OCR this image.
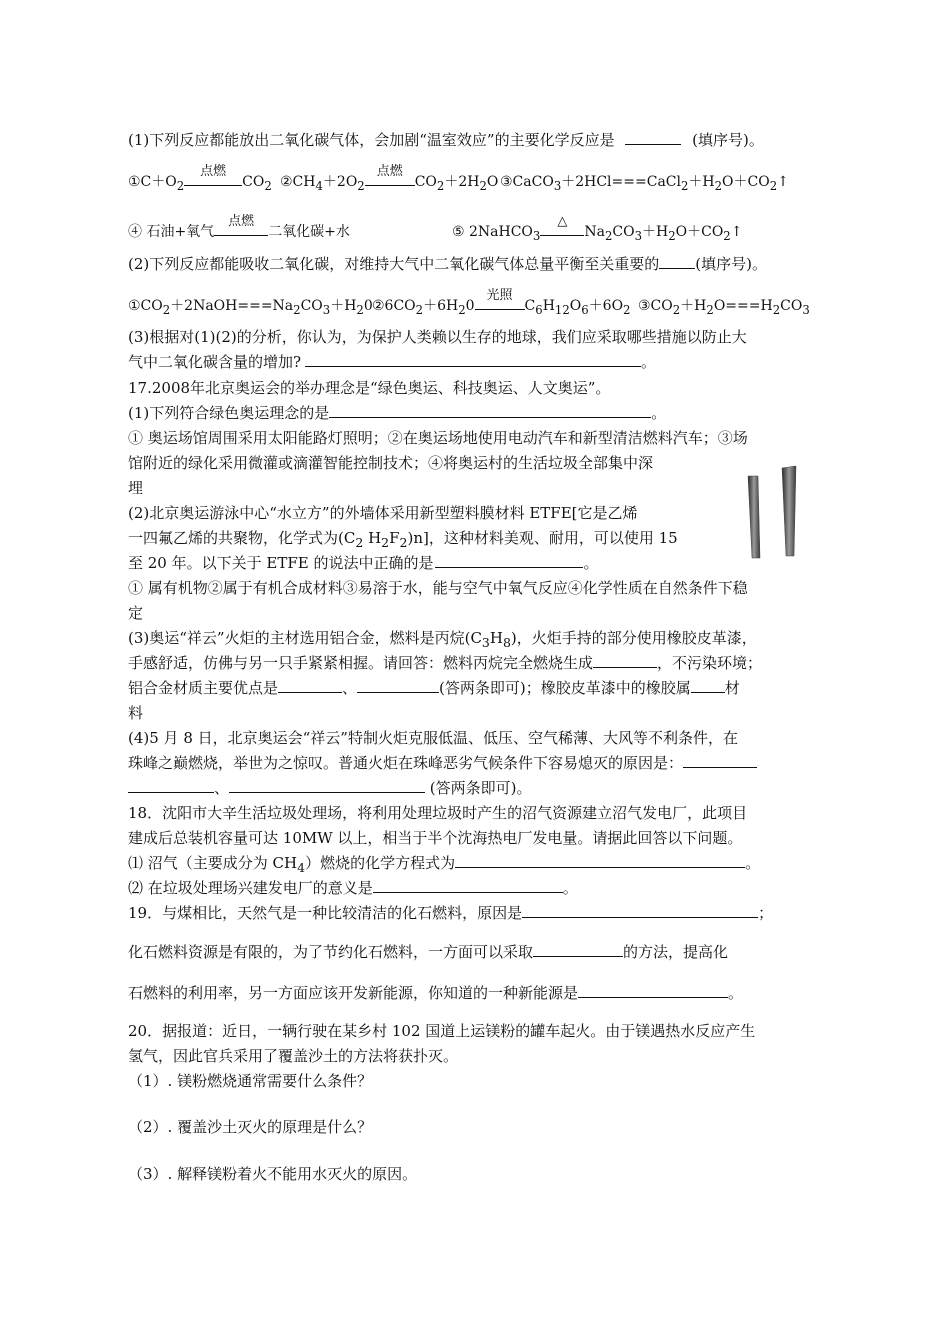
(1)下列反应都能放出二氧化碳气体，会加剧“温室效应”的主要化学反应是	(填序号)。
$①C+O_2$
点燃
$CO_2$ $②CH_4+2O_2$
点燃
$CO_2+2H_2O$ $③CaCO_3+2HCl===CaCl_2+H_2O+CO_2↑$
④ 石油+氧气
点燃
二氧化碳+水	⑤ 2NaHCO$_3$
△
$Na_2CO_3+H_2O+CO_2↑$
(2)下列反应都能吸收二氧化碳，对维持大气中二氧化碳气体总量平衡至关重要的 (填序号)。
$①CO_2+2NaOH===Na_2CO_3+H_20$ $②6CO_2+6H_20$
光照
$C_6H_{12}O_6+6O_2$ $③CO_2+H_2O===H_2CO_3$
(3)根据对(1)(2)的分析，你认为，为保护人类赖以生存的地球，我们应采取哪些措施以防止大
气中二氧化碳含量的增加?	。
17.2008年北京奥运会的举办理念是“绿色奥运、科技奥运、人文奥运”。
(1)下列符合绿色奥运理念的是	。
① 奥运场馆周围采用太阳能路灯照明；②在奥运场地使用电动汽车和新型清洁燃料汽车；③场
馆附近的绿化采用微灌或滴灌智能控制技术；④将奥运村的生活垃圾全部集中深
埋
(2)北京奥运游泳中心“水立方”的外墙体采用新型塑料膜材料 ETFE[它是乙烯
一四氟乙烯的共聚物，化学式为($C_2$ $H_2F_2)n$]，这种材料美观、耐用，可以使用 15
至 20 年。以下关于 ETFE 的说法中正确的是	。
① 属有机物②属于有机合成材料③易溶于水，能与空气中氧气反应④化学性质在自然条件下稳
定
(3)奥运“祥云”火炬的主材选用铝合金，燃料是丙烷$(C_3H_8)$，火炬手持的部分使用橡胶皮革漆，
手感舒适，仿佛与另一只手紧紧相握。请回答：燃料丙烷完全燃烧生成	，不污染环境；
铝合金材质主要优点是	、	(答两条即可)；橡胶皮革漆中的橡胶属 材
料
(4)5 月 8 日，北京奥运会“祥云”特制火炬克服低温、低压、空气稀薄、大风等不利条件，在
珠峰之巅燃烧，举世为之惊叹。普通火炬在珠峰恶劣气候条件下容易熄灭的原因是：
、	(答两条即可)。
18．沈阳市大辛生活垃圾处理场，将利用处理垃圾时产生的沼气资源建立沼气发电厂，此项目
建成后总装机容量可达 10MW 以上，相当于半个沈海热电厂发电量。请据此回答以下问题。
⑴ 沼气（主要成分为 $CH_4$）燃烧的化学方程式为	。
⑵ 在垃圾处理场兴建发电厂的意义是	。
19．与煤相比，天然气是一种比较清洁的化石燃料，原因是	；
化石燃料资源是有限的，为了节约化石燃料，一方面可以采取	的方法，提高化
石燃料的利用率，另一方面应该开发新能源，你知道的一种新能源是	。
20．据报道：近日，一辆行驶在某乡村 102 国道上运镁粉的罐车起火。由于镁遇热水反应产生
氢气，因此官兵采用了覆盖沙土的方法将获扑灭。
（1）. 镁粉燃烧通常需要什么条件？
（2）. 覆盖沙土灭火的原理是什么？
（3）. 解释镁粉着火不能用水灭火的原因。
